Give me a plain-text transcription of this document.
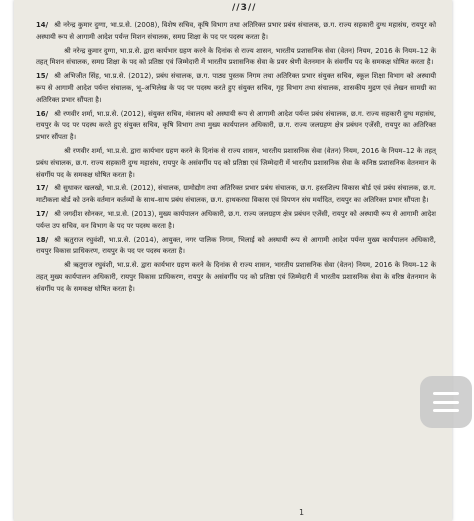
//3//

14/ श्री नरेन्द्र कुमार दुग्गा, भा.प्र.से. (2008), विशेष सचिव, कृषि विभाग तथा अतिरिक्त प्रभार प्रबंध संचालक, छ.ग. राज्य सहकारी दुग्ध महासंघ, रायपुर को अस्थायी रूप से आगामी आदेश पर्यन्त मिशन संचालक, समग्र शिक्षा के पद पर पदस्थ करता है।

श्री नरेन्द्र कुमार दुग्गा, भा.प्र.से. द्वारा कार्यभार ग्रहण करने के दिनांक से राज्य शासन, भारतीय प्रशासनिक सेवा (वेतन) नियम, 2016 के नियम–12 के तहत् मिशन संचालक, समग्र शिक्षा के पद को प्रतिष्ठा एवं जिम्मेदारी में भारतीय प्रशासनिक सेवा के प्रवर श्रेणी वेतनमान के संवर्गीय पद के समकक्ष घोषित करता है।

15/ श्री अभिजीत सिंह, भा.प्र.से. (2012), प्रबंध संचालक, छ.ग. पाठ्य पुस्तक निगम तथा अतिरिक्त प्रभार संयुक्त सचिव, स्कूल शिक्षा विभाग को अस्थायी रूप से आगामी आदेश पर्यन्त संचालक, भू–अभिलेख के पद पर पदस्थ करते हुए संयुक्त सचिव, गृह विभाग तथा संचालक, शासकीय मुद्रण एवं लेखन सामग्री का अतिरिक्त प्रभार सौंपता है।

16/ श्री रणवीर शर्मा, भा.प्र.से. (2012), संयुक्त सचिव, मंत्रालय को अस्थायी रूप से आगामी आदेश पर्यन्त प्रबंध संचालक, छ.ग. राज्य सहकारी दुग्ध महासंघ, रायपुर के पद पर पदस्थ करते हुए संयुक्त सचिव, कृषि विभाग तथा मुख्य कार्यपालन अधिकारी, छ.ग. राज्य जलग्रहण क्षेत्र प्रबंधन एजेंसी, रायपुर का अतिरिक्त प्रभार सौंपता है।

श्री रणवीर शर्मा, भा.प्र.से. द्वारा कार्यभार ग्रहण करने के दिनांक से राज्य शासन, भारतीय प्रशासनिक सेवा (वेतन) नियम, 2016 के नियम–12 के तहत् प्रबंध संचालक, छ.ग. राज्य सहकारी दुग्ध महासंघ, रायपुर के असंवर्गीय पद को प्रतिष्ठा एवं जिम्मेदारी में भारतीय प्रशासनिक सेवा के कनिष्ठ प्रशासनिक वेतनमान के संवर्गीय पद के समकक्ष घोषित करता है।

17/ श्री सुधाकर खलखो, भा.प्र.से. (2012), संचालक, ग्रामोद्योग तथा अतिरिक्त प्रभार प्रबंध संचालक, छ.ग. हस्तशिल्प विकास बोर्ड एवं प्रबंध संचालक, छ.ग. माटीकला बोर्ड को उनके वर्तमान कर्तव्यों के साथ–साथ प्रबंध संचालक, छ.ग. हाथकरघा विकास एवं विपणन संघ मर्यादित, रायपुर का अतिरिक्त प्रभार सौंपता है।

17/ श्री जगदीश सोनकर, भा.प्र.से. (2013), मुख्य कार्यपालन अधिकारी, छ.ग. राज्य जलग्रहण क्षेत्र प्रबंधन एजेंसी, रायपुर को अस्थायी रूप से आगामी आदेश पर्यन्त उप सचिव, वन विभाग के पद पर पदस्थ करता है।

18/ श्री ऋतुराज रघुवंशी, भा.प्र.से. (2014), आयुक्त, नगर पालिक निगम, भिलाई को अस्थायी रूप से आगामी आदेश पर्यन्त मुख्य कार्यपालन अधिकारी, रायपुर विकास प्राधिकरण, रायपुर के पद पर पदस्थ करता है।

श्री ऋतुराज रघुवंशी, भा.प्र.से. द्वारा कार्यभार ग्रहण करने के दिनांक से राज्य शासन, भारतीय प्रशासनिक सेवा (वेतन) नियम, 2016 के नियम–12 के तहत् मुख्य कार्यपालन अधिकारी, रायपुर विकास प्राधिकरण, रायपुर के असंवर्गीय पद को प्रतिष्ठा एवं जिम्मेदारी में भारतीय प्रशासनिक सेवा के वरिष्ठ वेतनमान के संवर्गीय पद के समकक्ष घोषित करता है।

1
